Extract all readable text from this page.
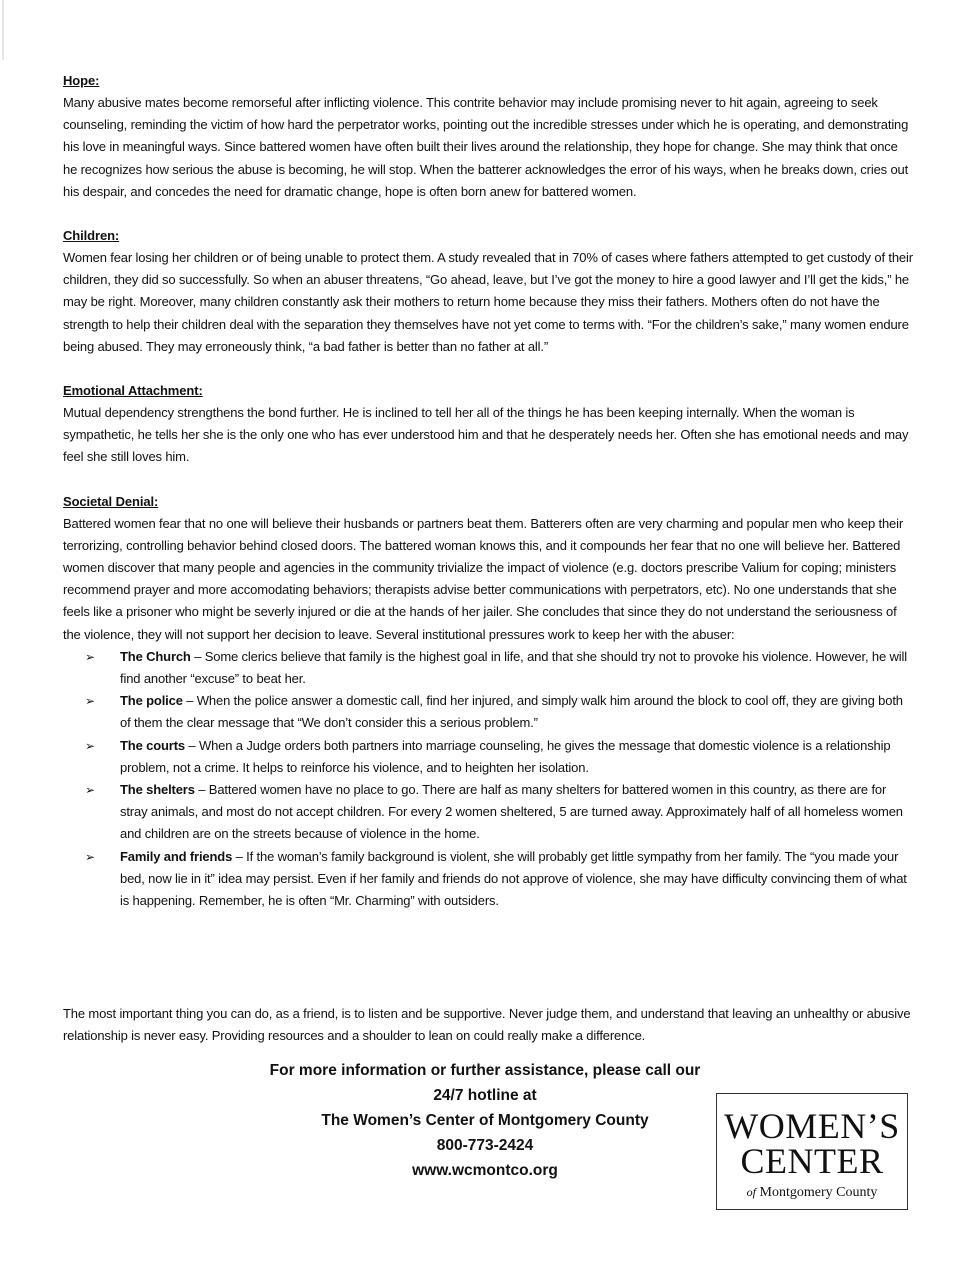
Hope:

Many abusive mates become remorseful after inflicting violence. This contrite behavior may include promising never to hit again, agreeing to seek counseling, reminding the victim of how hard the perpetrator works, pointing out the incredible stresses under which he is operating, and demonstrating his love in meaningful ways. Since battered women have often built their lives around the relationship, they hope for change. She may think that once he recognizes how serious the abuse is becoming, he will stop. When the batterer acknowledges the error of his ways, when he breaks down, cries out his despair, and concedes the need for dramatic change, hope is often born anew for battered women.

Children:

Women fear losing her children or of being unable to protect them. A study revealed that in 70% of cases where fathers attempted to get custody of their children, they did so successfully. So when an abuser threatens, “Go ahead, leave, but I’ve got the money to hire a good lawyer and I’ll get the kids,” he may be right. Moreover, many children constantly ask their mothers to return home because they miss their fathers. Mothers often do not have the strength to help their children deal with the separation they themselves have not yet come to terms with. “For the children’s sake,” many women endure being abused. They may erroneously think, “a bad father is better than no father at all.”

Emotional Attachment:

Mutual dependency strengthens the bond further. He is inclined to tell her all of the things he has been keeping internally. When the woman is sympathetic, he tells her she is the only one who has ever understood him and that he desperately needs her. Often she has emotional needs and may feel she still loves him.

Societal Denial:

Battered women fear that no one will believe their husbands or partners beat them. Batterers often are very charming and popular men who keep their terrorizing, controlling behavior behind closed doors. The battered woman knows this, and it compounds her fear that no one will believe her. Battered women discover that many people and agencies in the community trivialize the impact of violence (e.g. doctors prescribe Valium for coping; ministers recommend prayer and more accomodating behaviors; therapists advise better communications with perpetrators, etc). No one understands that she feels like a prisoner who might be severly injured or die at the hands of her jailer. She concludes that since they do not understand the seriousness of the violence, they will not support her decision to leave. Several institutional pressures work to keep her with the abuser:

➢ The Church – Some clerics believe that family is the highest goal in life, and that she should try not to provoke his violence. However, he will find another “excuse” to beat her.
➢ The police – When the police answer a domestic call, find her injured, and simply walk him around the block to cool off, they are giving both of them the clear message that “We don’t consider this a serious problem.”
➢ The courts – When a Judge orders both partners into marriage counseling, he gives the message that domestic violence is a relationship problem, not a crime. It helps to reinforce his violence, and to heighten her isolation.
➢ The shelters – Battered women have no place to go. There are half as many shelters for battered women in this country, as there are for stray animals, and most do not accept children. For every 2 women sheltered, 5 are turned away. Approximately half of all homeless women and children are on the streets because of violence in the home.
➢ Family and friends – If the woman’s family background is violent, she will probably get little sympathy from her family. The “you made your bed, now lie in it” idea may persist. Even if her family and friends do not approve of violence, she may have difficulty convincing them of what is happening. Remember, he is often “Mr. Charming” with outsiders.

The most important thing you can do, as a friend, is to listen and be supportive. Never judge them, and understand that leaving an unhealthy or abusive relationship is never easy. Providing resources and a shoulder to lean on could really make a difference.

For more information or further assistance, please call our
24/7 hotline at
The Women’s Center of Montgomery County
800-773-2424
www.wcmontco.org
WOMEN’S
CENTER
of Montgomery County
